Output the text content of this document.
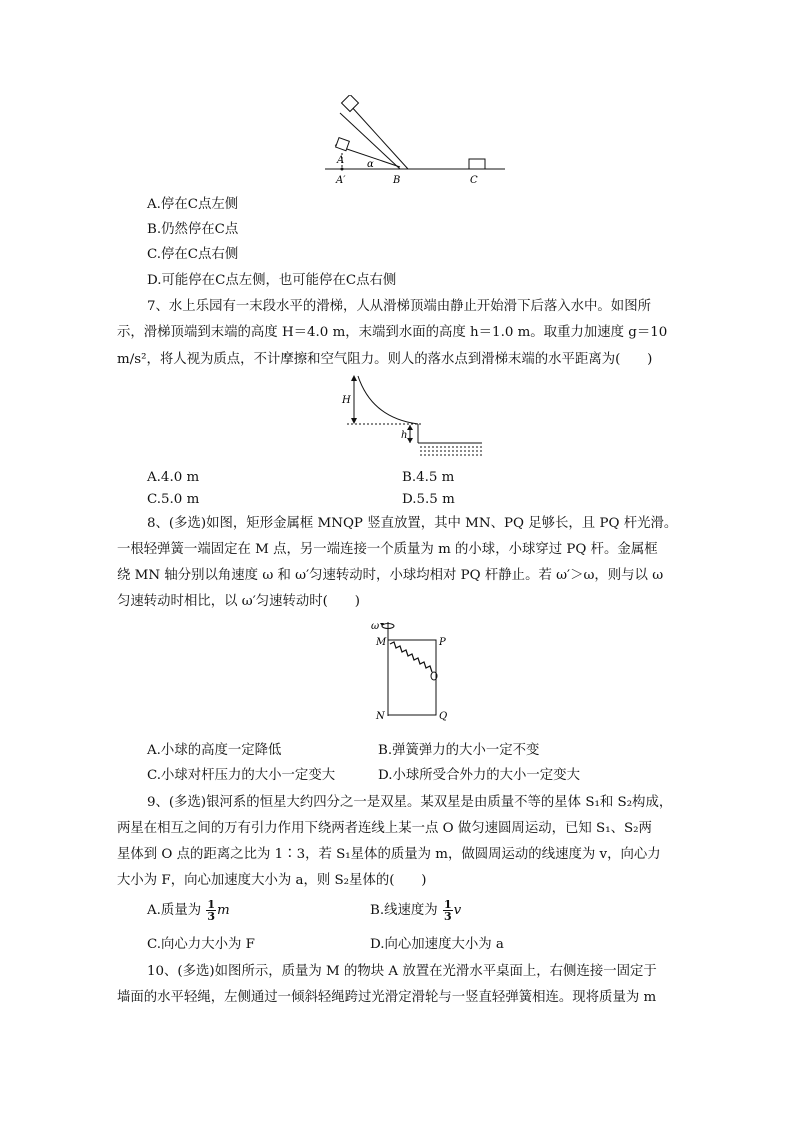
A
A′
α
B	C
A.停在C点左侧
B.仍然停在C点
C.停在C点右侧
D.可能停在C点左侧，也可能停在C点右侧
7、水上乐园有一末段水平的滑梯，人从滑梯顶端由静止开始滑下后落入水中。如图所
示，滑梯顶端到末端的高度 H＝4.0 m，末端到水面的高度 h＝1.0 m。取重力加速度 g＝10
m/s²，将人视为质点，不计摩擦和空气阻力。则人的落水点到滑梯末端的水平距离为(　　)
H
h
A.4.0 m	B.4.5 m
C.5.0 m	D.5.5 m
8、(多选)如图，矩形金属框 MNQP 竖直放置，其中 MN、PQ 足够长，且 PQ 杆光滑。
一根轻弹簧一端固定在 M 点，另一端连接一个质量为 m 的小球，小球穿过 PQ 杆。金属框
绕 MN 轴分别以角速度 ω 和 ω′匀速转动时，小球均相对 PQ 杆静止。若 ω′＞ω，则与以 ω
匀速转动时相比，以 ω′匀速转动时(　　)
ω
M	P
N	Q
A.小球的高度一定降低	B.弹簧弹力的大小一定不变
C.小球对杆压力的大小一定变大	D.小球所受合外力的大小一定变大
9、(多选)银河系的恒星大约四分之一是双星。某双星是由质量不等的星体 S₁和 S₂构成，
两星在相互之间的万有引力作用下绕两者连线上某一点 O 做匀速圆周运动，已知 S₁、S₂两
星体到 O 点的距离之比为 1∶3，若 S₁星体的质量为 m，做圆周运动的线速度为 v，向心力
大小为 F，向心加速度大小为 a，则 S₂星体的(　　)
A.质量为 $\frac{1}{3}$ m	B.线速度为 $\frac{1}{3}$ v
C.向心力大小为 F	D.向心加速度大小为 a
10、(多选)如图所示，质量为 M 的物块 A 放置在光滑水平桌面上，右侧连接一固定于
墙面的水平轻绳，左侧通过一倾斜轻绳跨过光滑定滑轮与一竖直轻弹簧相连。现将质量为 m
